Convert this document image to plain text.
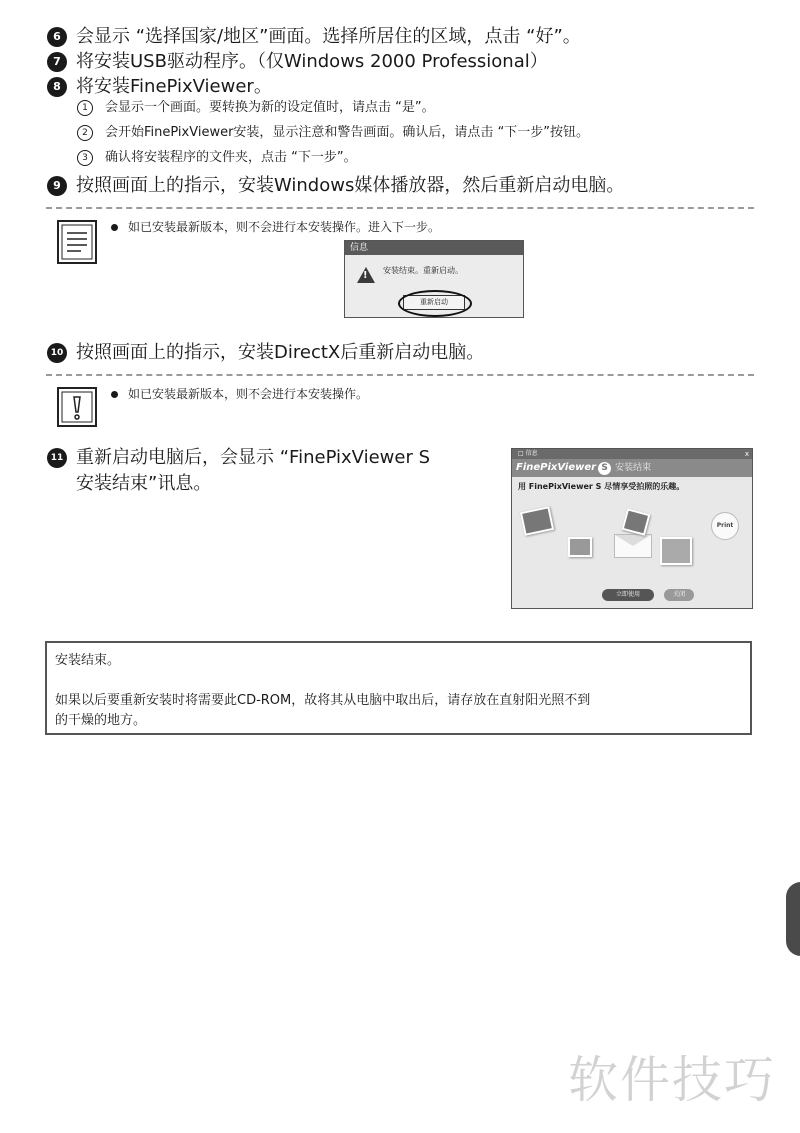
6 会显示 “选择国家/地区”画面。选择所居住的区域，点击 “好”。
7 将安装USB驱动程序。（仅Windows 2000 Professional）
8 将安装FinePixViewer。
1	会显示一个画面。要转换为新的设定值时，请点击 “是”。
2	会开始FinePixViewer安装，显示注意和警告画面。确认后，请点击 “下一步”按钮。
3	确认将安装程序的文件夹，点击 “下一步”。
9 按照画面上的指示，安装Windows媒体播放器，然后重新启动电脑。
如已安装最新版本，则不会进行本安装操作。进入下一步。
信息
! 安装结束。重新启动。
重新启动
10 按照画面上的指示，安装DirectX后重新启动电脑。
如已安装最新版本，则不会进行本安装操作。
11 重新启动电脑后，会显示 “FinePixViewer S
安装结束”讯息。
□ 信息	x
FinePixViewer S 安装结束
用 FinePixViewer S 尽情享受拍照的乐趣。
Print
立即使用	关闭
安装结束。
如果以后要重新安装时将需要此CD-ROM，故将其从电脑中取出后，请存放在直射阳光照不到
的干燥的地方。
软件技巧
